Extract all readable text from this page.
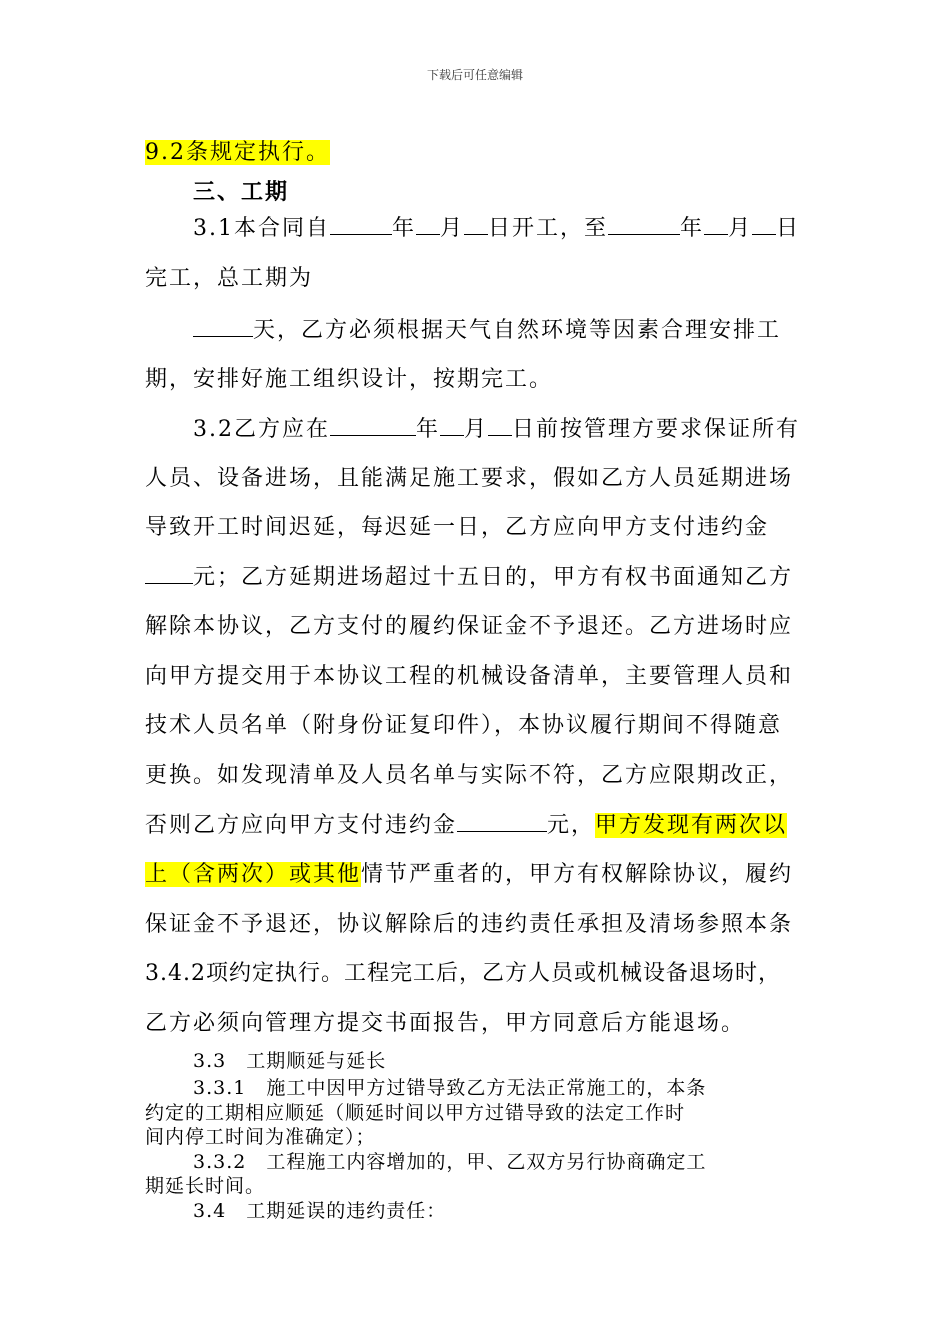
下载后可任意编辑
9.2条规定执行。
三、工期
3.1本合同自	年 月 日开工，至	年 月 日
完工，总工期为
天，乙方必须根据天气自然环境等因素合理安排工
期，安排好施工组织设计，按期完工。
3.2乙方应在	年 月 日前按管理方要求保证所有
人员、设备进场，且能满足施工要求，假如乙方人员延期进场
导致开工时间迟延，每迟延一日，乙方应向甲方支付违约金
元；乙方延期进场超过十五日的，甲方有权书面通知乙方
解除本协议，乙方支付的履约保证金不予退还。乙方进场时应
向甲方提交用于本协议工程的机械设备清单，主要管理人员和
技术人员名单（附身份证复印件），本协议履行期间不得随意
更换。如发现清单及人员名单与实际不符，乙方应限期改正，
否则乙方应向甲方支付违约金	元，甲方发现有两次以
上（含两次）或其他情节严重者的，甲方有权解除协议，履约
保证金不予退还，协议解除后的违约责任承担及清场参照本条
3.4.2项约定执行。工程完工后，乙方人员或机械设备退场时，
乙方必须向管理方提交书面报告，甲方同意后方能退场。
3.3　工期顺延与延长
3.3.1　施工中因甲方过错导致乙方无法正常施工的，本条
约定的工期相应顺延（顺延时间以甲方过错导致的法定工作时
间内停工时间为准确定）；
3.3.2　工程施工内容增加的，甲、乙双方另行协商确定工
期延长时间。
3.4　工期延误的违约责任：
